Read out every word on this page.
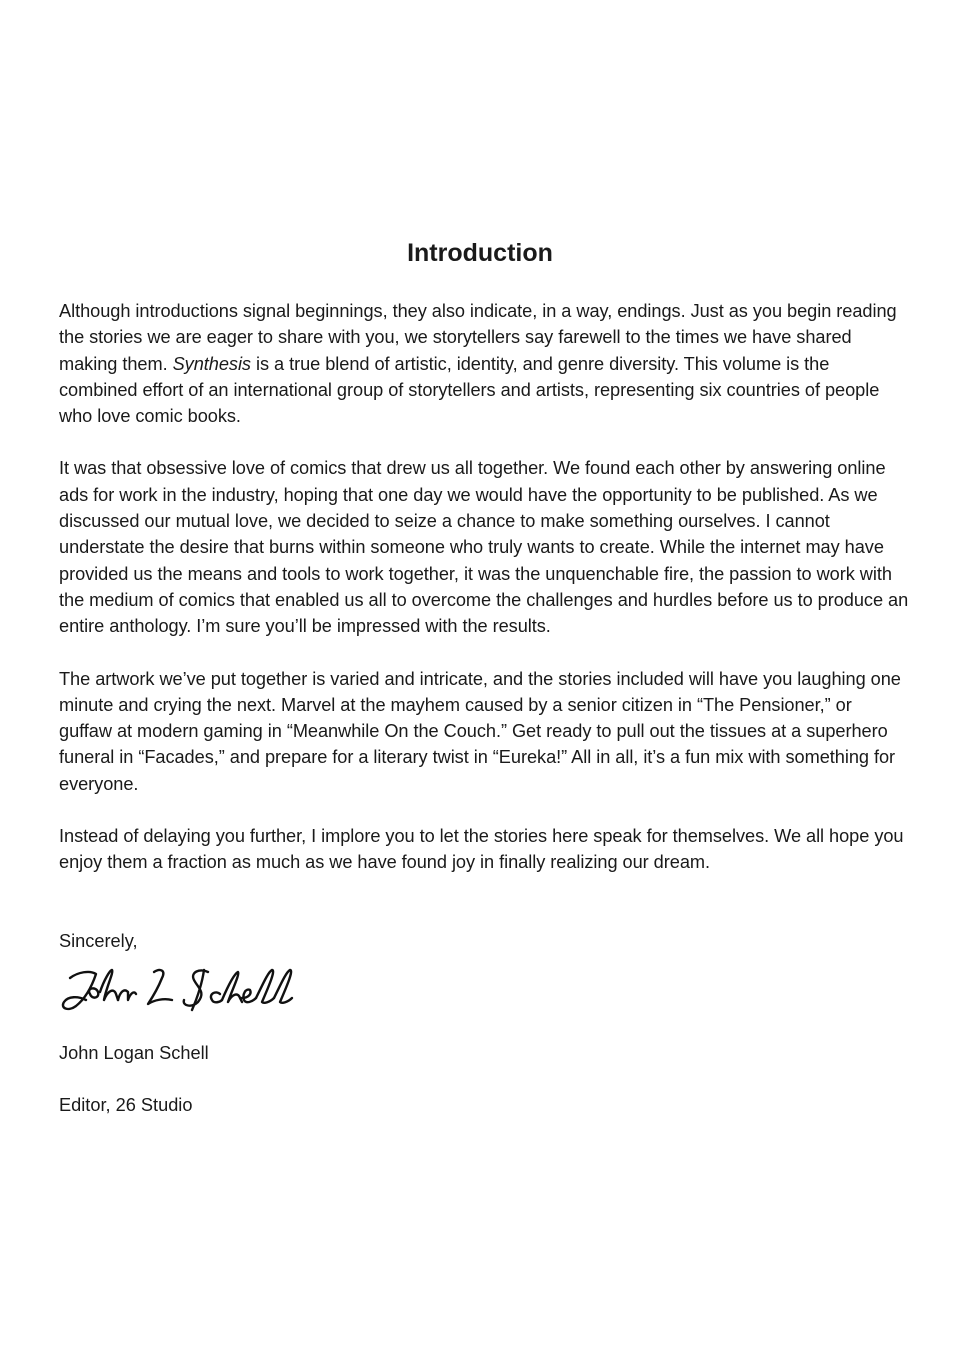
Introduction

Although introductions signal beginnings, they also indicate, in a way, endings. Just as you begin reading the stories we are eager to share with you, we storytellers say farewell to the times we have shared making them. Synthesis is a true blend of artistic, identity, and genre diversity. This volume is the combined effort of an international group of storytellers and artists, representing six countries of people who love comic books.

It was that obsessive love of comics that drew us all together. We found each other by answering online ads for work in the industry, hoping that one day we would have the opportunity to be published. As we discussed our mutual love, we decided to seize a chance to make something ourselves. I cannot understate the desire that burns within someone who truly wants to create. While the internet may have provided us the means and tools to work together, it was the unquenchable fire, the passion to work with the medium of comics that enabled us all to overcome the challenges and hurdles before us to produce an entire anthology. I’m sure you’ll be impressed with the results.

The artwork we’ve put together is varied and intricate, and the stories included will have you laughing one minute and crying the next. Marvel at the mayhem caused by a senior citizen in “The Pensioner,” or guffaw at modern gaming in “Meanwhile On the Couch.” Get ready to pull out the tissues at a superhero funeral in “Facades,” and prepare for a literary twist in “Eureka!” All in all, it’s a fun mix with something for everyone.

Instead of delaying you further, I implore you to let the stories here speak for themselves. We all hope you enjoy them a fraction as much as we have found joy in finally realizing our dream.

Sincerely,
John Logan Schell
Editor, 26 Studio
